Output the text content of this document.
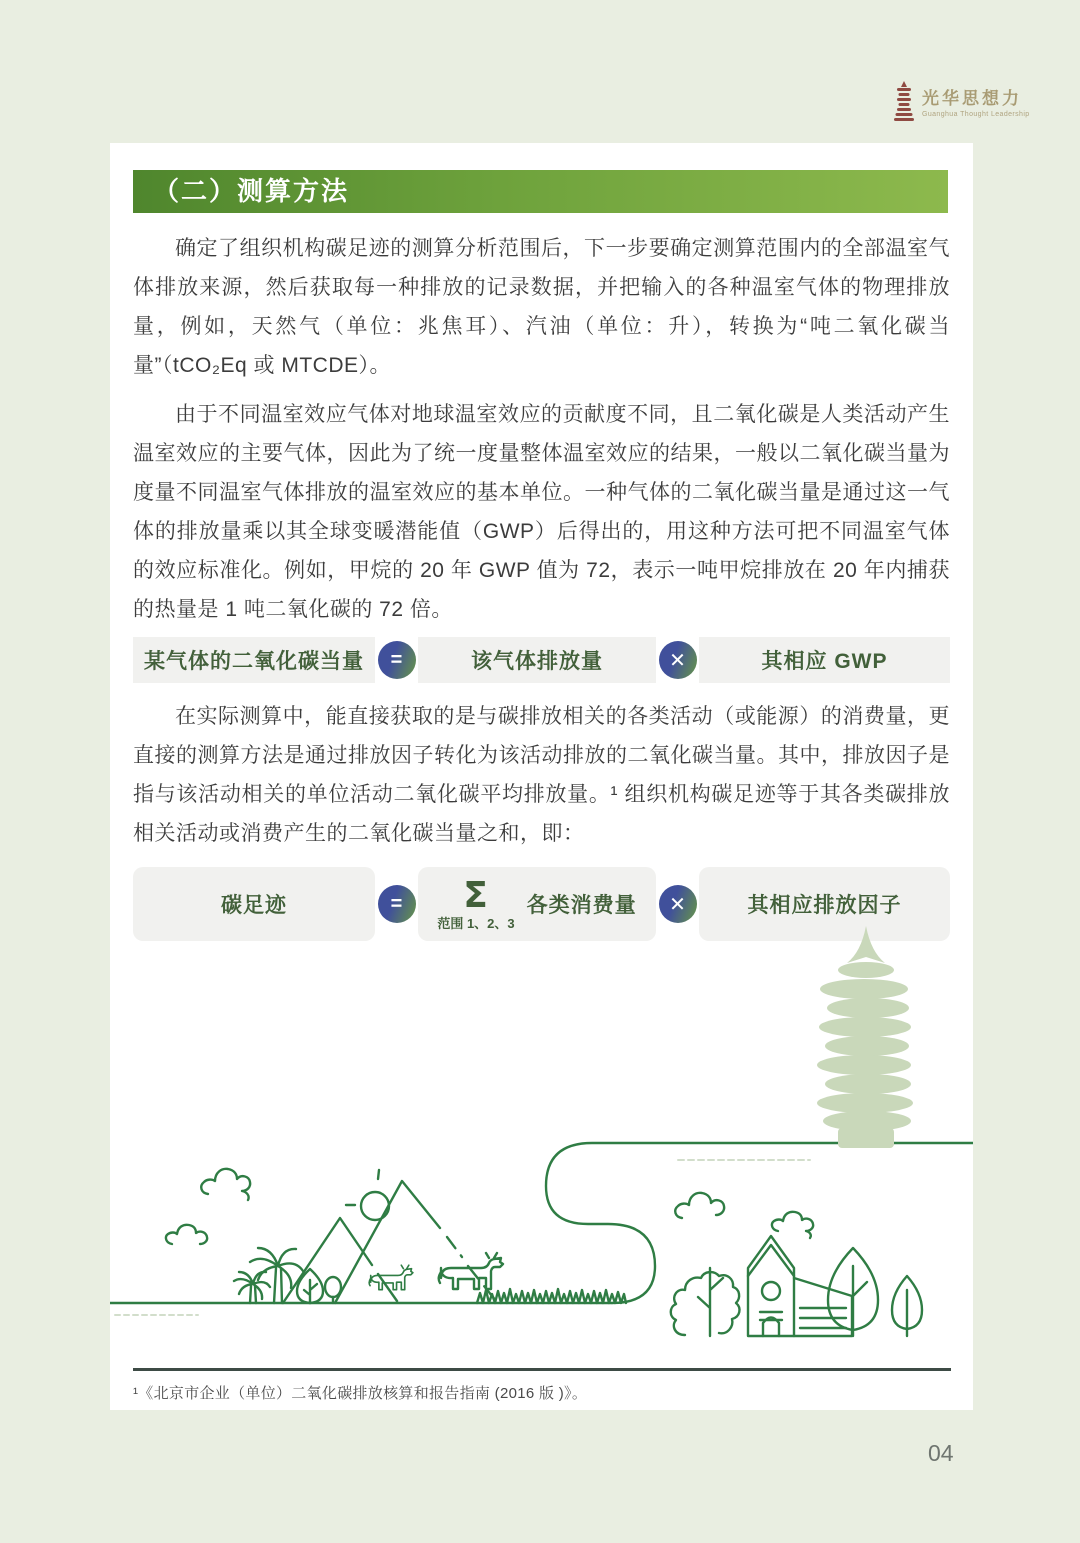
光华思想力
Guanghua Thought Leadership
（二）测算方法

确定了组织机构碳足迹的测算分析范围后，下一步要确定测算范围内的全部温室气体排放来源，然后获取每一种排放的记录数据，并把输入的各种温室气体的物理排放量，例如，天然气（单位：兆焦耳）、汽油（单位：升），转换为“吨二氧化碳当量”（tCO₂Eq 或 MTCDE）。

由于不同温室效应气体对地球温室效应的贡献度不同，且二氧化碳是人类活动产生温室效应的主要气体，因此为了统一度量整体温室效应的结果，一般以二氧化碳当量为度量不同温室气体排放的温室效应的基本单位。一种气体的二氧化碳当量是通过这一气体的排放量乘以其全球变暖潜能值（GWP）后得出的，用这种方法可把不同温室气体的效应标准化。例如，甲烷的 20 年 GWP 值为 72，表示一吨甲烷排放在 20 年内捕获的热量是 1 吨二氧化碳的 72 倍。

某气体的二氧化碳当量	=	该气体排放量	✕	其相应 GWP

在实际测算中，能直接获取的是与碳排放相关的各类活动（或能源）的消费量，更直接的测算方法是通过排放因子转化为该活动排放的二氧化碳当量。其中，排放因子是指与该活动相关的单位活动二氧化碳平均排放量。¹ 组织机构碳足迹等于其各类碳排放相关活动或消费产生的二氧化碳当量之和，即：

碳足迹	=	Σ
范围 1、2、3
各类消费量	✕	其相应排放因子
¹《北京市企业（单位）二氧化碳排放核算和报告指南 (2016 版 )》。
04
